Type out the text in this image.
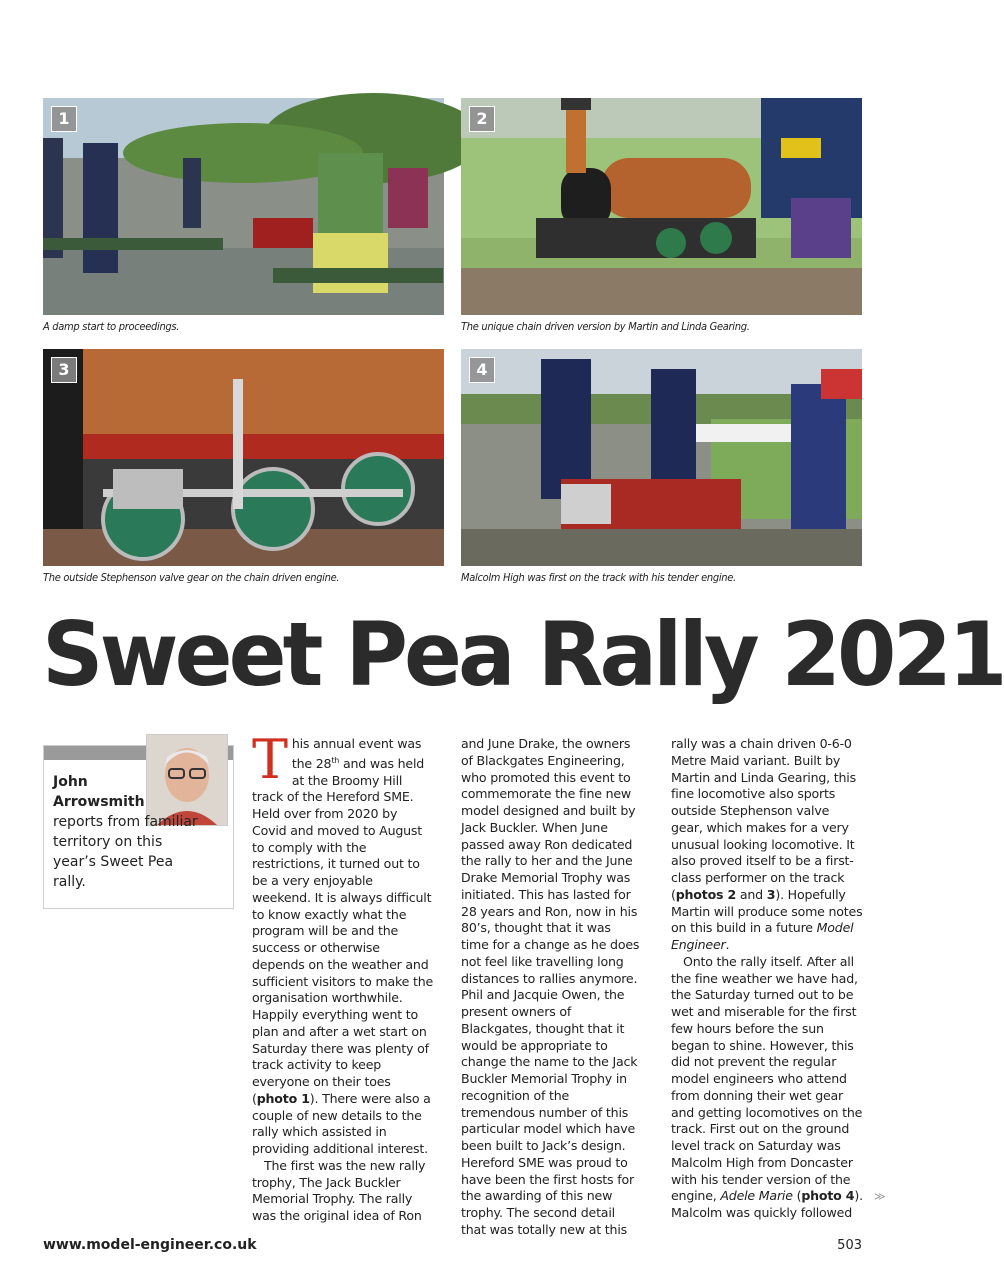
1
A damp start to proceedings.
2
The unique chain driven version by Martin and Linda Gearing.
3
The outside Stephenson valve gear on the chain driven engine.
4
Malcolm High was first on the track with his tender engine.
Sweet Pea Rally 2021
John
Arrowsmith
reports from familiar territory on this year’s Sweet Pea rally.

This annual event was the 28th and was held at the Broomy Hill track of the Hereford SME. Held over from 2020 by Covid and moved to August to comply with the restrictions, it turned out to be a very enjoyable weekend. It is always difficult to know exactly what the program will be and the success or otherwise depends on the weather and sufficient visitors to make the organisation worthwhile. Happily everything went to plan and after a wet start on Saturday there was plenty of track activity to keep everyone on their toes (photo 1). There were also a couple of new details to the rally which assisted in providing additional interest.

The first was the new rally trophy, The Jack Buckler Memorial Trophy. The rally was the original idea of Ron

and June Drake, the owners of Blackgates Engineering, who promoted this event to commemorate the fine new model designed and built by Jack Buckler. When June passed away Ron dedicated the rally to her and the June Drake Memorial Trophy was initiated. This has lasted for 28 years and Ron, now in his 80’s, thought that it was time for a change as he does not feel like travelling long distances to rallies anymore. Phil and Jacquie Owen, the present owners of Blackgates, thought that it would be appropriate to change the name to the Jack Buckler Memorial Trophy in recognition of the tremendous number of this particular model which have been built to Jack’s design. Hereford SME was proud to have been the first hosts for the awarding of this new trophy. The second detail that was totally new at this

rally was a chain driven 0-6-0 Metre Maid variant. Built by Martin and Linda Gearing, this fine locomotive also sports outside Stephenson valve gear, which makes for a very unusual looking locomotive. It also proved itself to be a first-class performer on the track (photos 2 and 3). Hopefully Martin will produce some notes on this build in a future Model Engineer.

Onto the rally itself. After all the fine weather we have had, the Saturday turned out to be wet and miserable for the first few hours before the sun began to shine. However, this did not prevent the regular model engineers who attend from donning their wet gear and getting locomotives on the track. First out on the ground level track on Saturday was Malcolm High from Doncaster with his tender version of the engine, Adele Marie (photo 4). Malcolm was quickly followed

≫
www.model-engineer.co.uk	503
